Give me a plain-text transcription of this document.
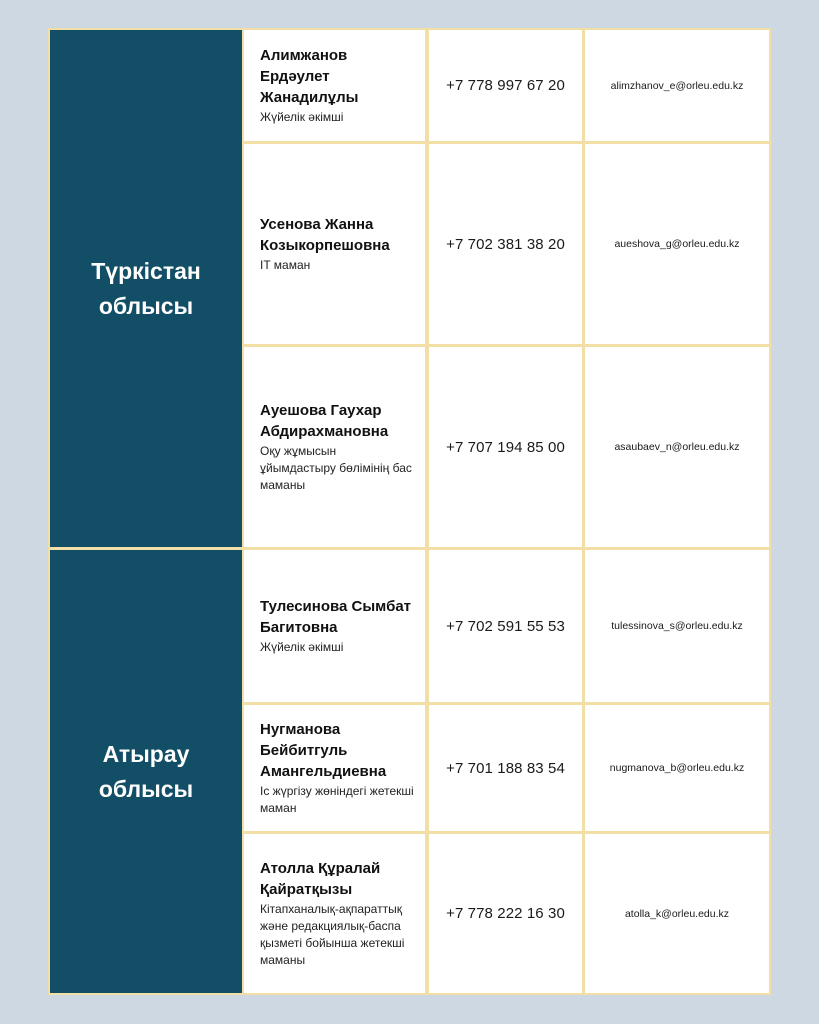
Түркістан облысы
Алимжанов Ердәулет Жанадилұлы
Жүйелік әкімші
+7 778 997 67 20	alimzhanov_e@orleu.edu.kz
Усенова Жанна Козыкорпешовна
IT маман
+7 702 381 38 20	aueshova_g@orleu.edu.kz
Ауешова Гаухар Абдирахмановна
Оқу жұмысын ұйымдастыру бөлімінің бас маманы
+7 707 194 85 00	asaubaev_n@orleu.edu.kz
Атырау облысы
Тулесинова Сымбат Багитовна
Жүйелік әкімші
+7 702 591 55 53	tulessinova_s@orleu.edu.kz
Нугманова Бейбитгуль Амангельдиевна
Іс жүргізу жөніндегі жетекші маман
+7 701 188 83 54	nugmanova_b@orleu.edu.kz
Атолла Құралай Қайратқызы
Кітапханалық-ақпараттық және редакциялық-баспа қызметі бойынша жетекші маманы
+7 778 222 16 30	atolla_k@orleu.edu.kz
